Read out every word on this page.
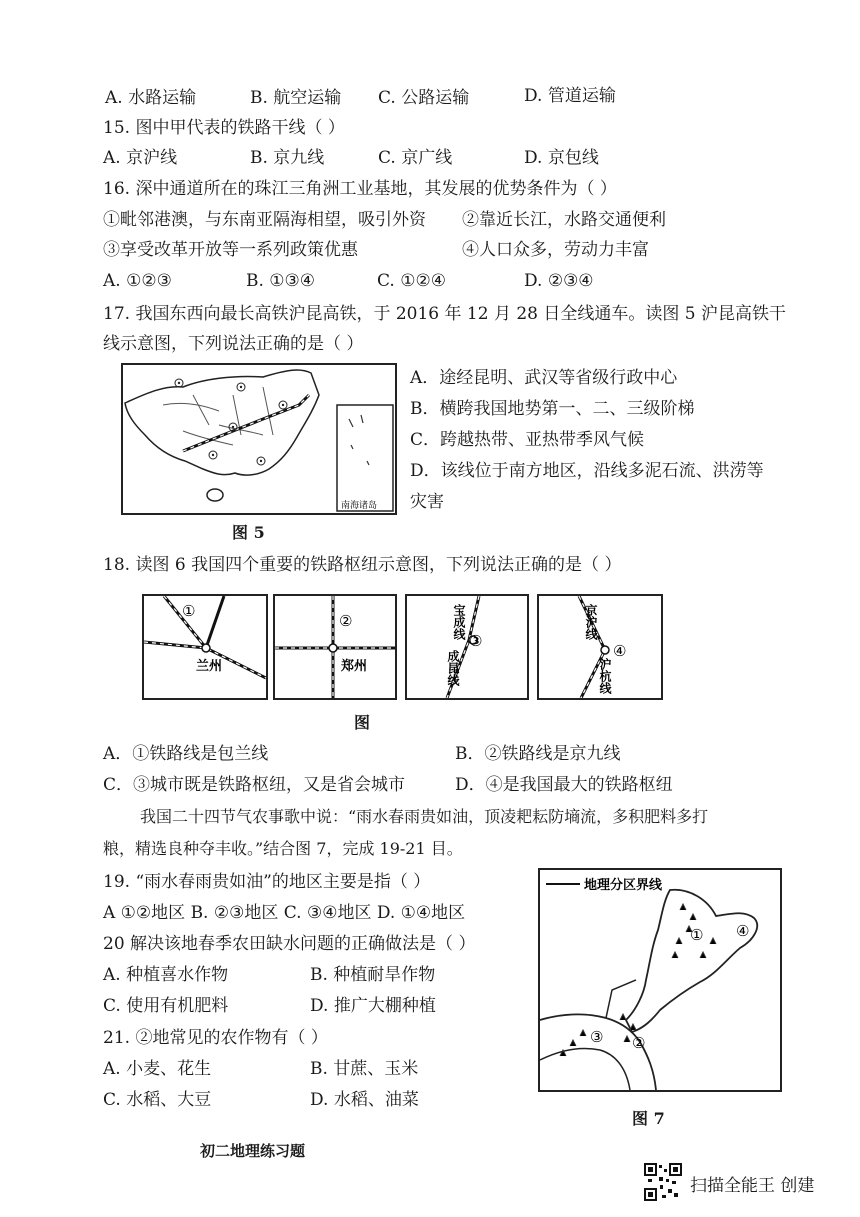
A. 水路运输	B. 航空运输 C. 公路运输	D. 管道运输
15. 图中甲代表的铁路干线（ ）
A. 京沪线	B. 京九线	C. 京广线	D. 京包线
16. 深中通道所在的珠江三角洲工业基地，其发展的优势条件为（ ）
①毗邻港澳，与东南亚隔海相望，吸引外资 ②靠近长江，水路交通便利
③享受改革开放等一系列政策优惠	④人口众多，劳动力丰富
A. ①②③	B. ①③④	C. ①②④	D. ②③④
17. 我国东西向最长高铁沪昆高铁，于 2016 年 12 月 28 日全线通车。读图 5 沪昆高铁干
线示意图，下列说法正确的是（ ）
南海诸岛
图 5
A．途经昆明、武汉等省级行政中心
B．横跨我国地势第一、二、三级阶梯
C．跨越热带、亚热带季风气候
D．该线位于南方地区，沿线多泥石流、洪涝等
灾害
18. 读图 6 我国四个重要的铁路枢纽示意图，下列说法正确的是（ ）
①
兰州
②
郑州
③
宝成线
成昆线	④
京沪线
沪杭线
图
A．①铁路线是包兰线	B．②铁路线是京九线
C．③城市既是铁路枢纽，又是省会城市	D．④是我国最大的铁路枢纽
我国二十四节气农事歌中说：“雨水春雨贵如油，顶凌耙耘防墒流，多积肥料多打
粮，精选良种夺丰收。”结合图 7，完成 19-21 目。
19. “雨水春雨贵如油”的地区主要是指（ ）
A ①②地区 B. ②③地区 C. ③④地区 D. ①④地区
20 解决该地春季农田缺水问题的正确做法是（ ）
A. 种植喜水作物	B. 种植耐旱作物
C. 使用有机肥料	D. 推广大棚种植
21. ②地常见的农作物有（ ）
A. 小麦、花生	B. 甘蔗、玉米
C. 水稻、大豆	D. 水稻、油菜
地理分区界线
①
②
③
④
图 7
初二地理练习题
扫描全能王 创建
